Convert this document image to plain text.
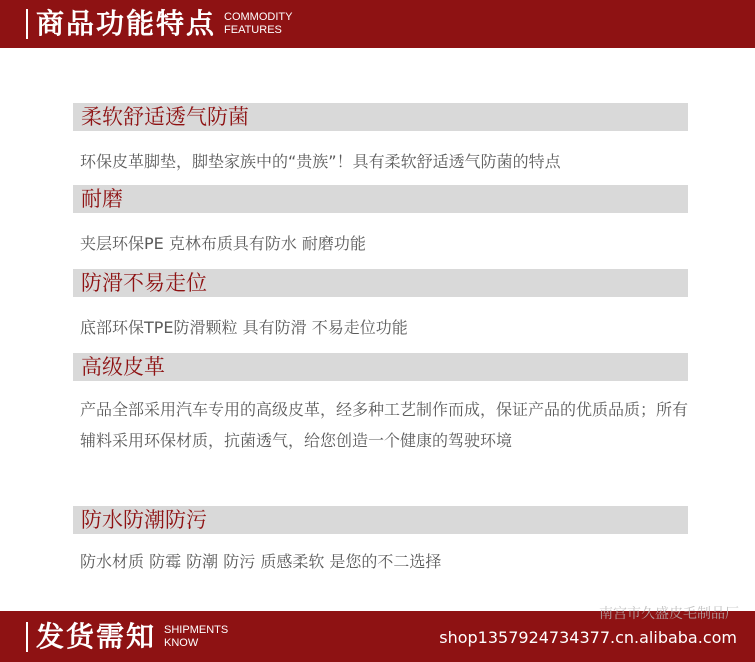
商品功能特点 COMMODITY
FEATURES
柔软舒适透气防菌
环保皮革脚垫，脚垫家族中的“贵族”！具有柔软舒适透气防菌的特点
耐磨
夹层环保PE 克林布质具有防水 耐磨功能
防滑不易走位
底部环保TPE防滑颗粒 具有防滑 不易走位功能
高级皮革
产品全部采用汽车专用的高级皮革，经多种工艺制作而成，保证产品的优质品质；所有辅料采用环保材质，抗菌透气，给您创造一个健康的驾驶环境
防水防潮防污
防水材质 防霉 防潮 防污 质感柔软 是您的不二选择
发货需知 SHIPMENTS
KNOW
南宫市久盛皮毛制品厂
shop1357924734377.cn.alibaba.com
